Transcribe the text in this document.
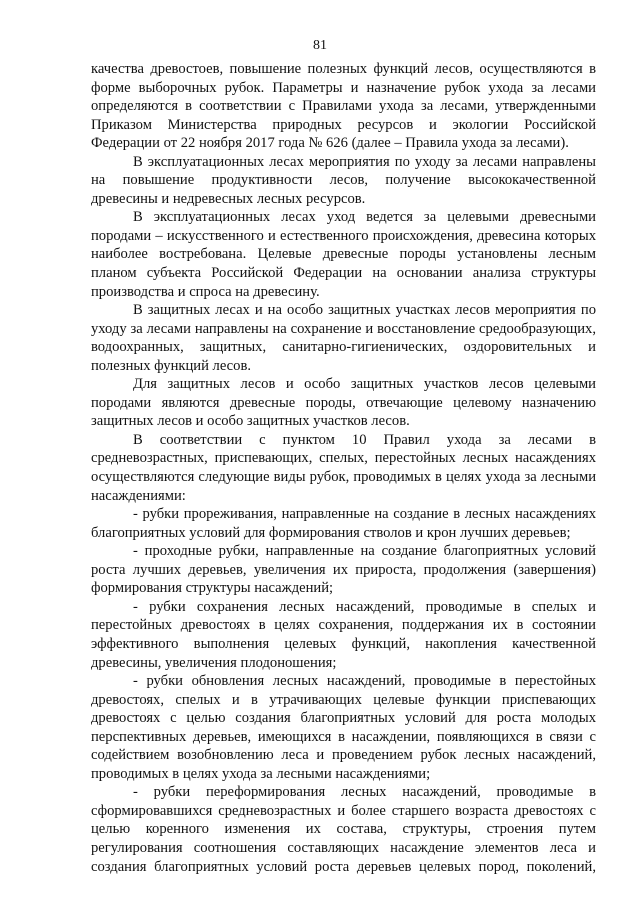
81

качества древостоев, повышение полезных функций лесов, осуществляются в форме выборочных рубок. Параметры и назначение рубок ухода за лесами определяются в соответствии с Правилами ухода за лесами, утвержденными Приказом Министерства природных ресурсов и экологии Российской Федерации от 22 ноября 2017 года № 626 (далее – Правила ухода за лесами).

В эксплуатационных лесах мероприятия по уходу за лесами направлены на повышение продуктивности лесов, получение высококачественной древесины и недревесных лесных ресурсов.

В эксплуатационных лесах уход ведется за целевыми древесными породами – искусственного и естественного происхождения, древесина которых наиболее востребована. Целевые древесные породы установлены лесным планом субъекта Российской Федерации на основании анализа структуры производства и спроса на древесину.

В защитных лесах и на особо защитных участках лесов мероприятия по уходу за лесами направлены на сохранение и восстановление средообразующих, водоохранных, защитных, санитарно-гигиенических, оздоровительных и полезных функций лесов.

Для защитных лесов и особо защитных участков лесов целевыми породами являются древесные породы, отвечающие целевому назначению защитных лесов и особо защитных участков лесов.

В соответствии с пунктом 10 Правил ухода за лесами в средневозрастных, приспевающих, спелых, перестойных лесных насаждениях осуществляются следующие виды рубок, проводимых в целях ухода за лесными насаждениями:

- рубки прореживания, направленные на создание в лесных насаждениях благоприятных условий для формирования стволов и крон лучших деревьев;

- проходные рубки, направленные на создание благоприятных условий роста лучших деревьев, увеличения их прироста, продолжения (завершения) формирования структуры насаждений;

- рубки сохранения лесных насаждений, проводимые в спелых и перестойных древостоях в целях сохранения, поддержания их в состоянии эффективного выполнения целевых функций, накопления качественной древесины, увеличения плодоношения;

- рубки обновления лесных насаждений, проводимые в перестойных древостоях, спелых и в утрачивающих целевые функции приспевающих древостоях с целью создания благоприятных условий для роста молодых перспективных деревьев, имеющихся в насаждении, появляющихся в связи с содействием возобновлению леса и проведением рубок лесных насаждений, проводимых в целях ухода за лесными насаждениями;

- рубки переформирования лесных насаждений, проводимые в сформировавшихся средневозрастных и более старшего возраста древостоях с целью коренного изменения их состава, структуры, строения путем регулирования соотношения составляющих насаждение элементов леса и создания благоприятных условий роста деревьев целевых пород, поколений,
